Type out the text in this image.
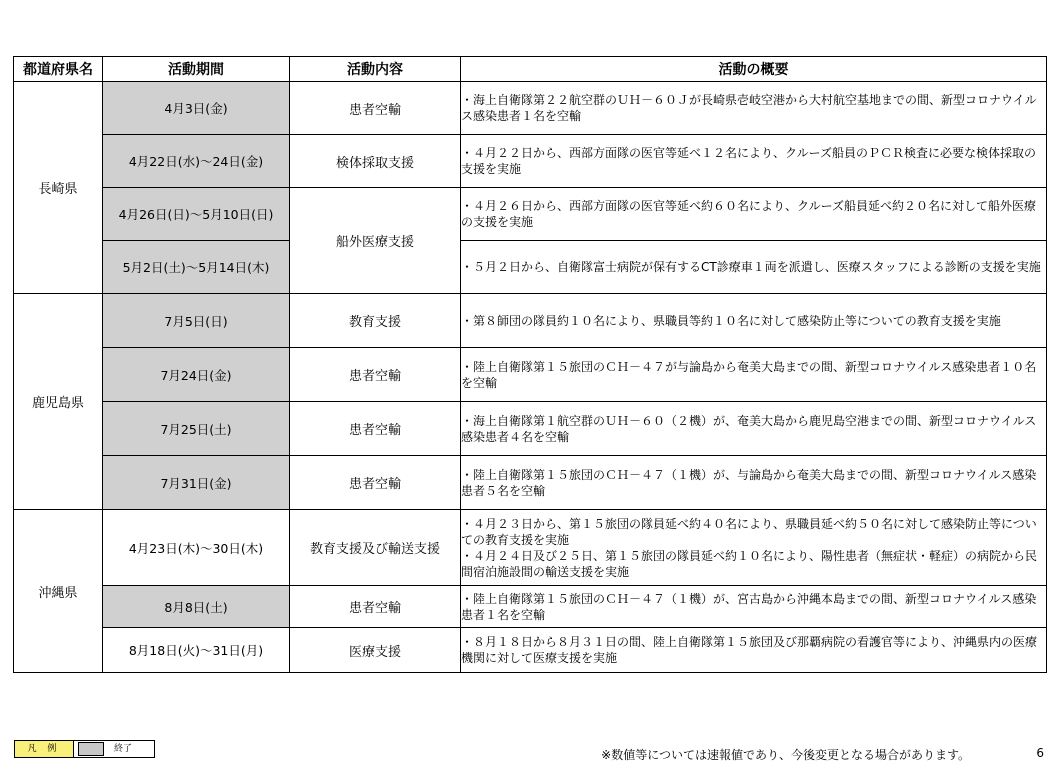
都道府県名	活動期間	活動内容	活動の概要
長崎県	4月3日(金)	患者空輸	・海上自衛隊第２２航空群のＵＨ－６０Ｊが長崎県壱岐空港から大村航空基地までの間、新型コロナウイルス感染患者１名を空輸
	4月22日(水)～24日(金)	検体採取支援	・４月２２日から、西部方面隊の医官等延べ１２名により、クルーズ船員のＰＣＲ検査に必要な検体採取の支援を実施
	4月26日(日)～5月10日(日)	船外医療支援	・４月２６日から、西部方面隊の医官等延べ約６０名により、クルーズ船員延べ約２０名に対して船外医療の支援を実施
	5月2日(土)～5月14日(木)		・５月２日から、自衛隊富士病院が保有するCT診療車１両を派遣し、医療スタッフによる診断の支援を実施
鹿児島県	7月5日(日)	教育支援	・第８師団の隊員約１０名により、県職員等約１０名に対して感染防止等についての教育支援を実施
	7月24日(金)	患者空輸	・陸上自衛隊第１５旅団のＣＨ－４７が与論島から奄美大島までの間、新型コロナウイルス感染患者１０名を空輸
	7月25日(土)	患者空輸	・海上自衛隊第１航空群のＵＨ－６０（２機）が、奄美大島から鹿児島空港までの間、新型コロナウイルス感染患者４名を空輸
	7月31日(金)	患者空輸	・陸上自衛隊第１５旅団のＣＨ－４７（１機）が、与論島から奄美大島までの間、新型コロナウイルス感染患者５名を空輸
沖縄県	4月23日(木)～30日(木)	教育支援及び輸送支援	・４月２３日から、第１５旅団の隊員延べ約４０名により、県職員延べ約５０名に対して感染防止等についての教育支援を実施
・４月２４日及び２５日、第１５旅団の隊員延べ約１０名により、陽性患者（無症状・軽症）の病院から民間宿泊施設間の輸送支援を実施
	8月8日(土)	患者空輸	・陸上自衛隊第１５旅団のＣＨ－４７（１機）が、宮古島から沖縄本島までの間、新型コロナウイルス感染患者１名を空輸
	8月18日(火)～31日(月)	医療支援	・８月１８日から８月３１日の間、陸上自衛隊第１５旅団及び那覇病院の看護官等により、沖縄県内の医療機関に対して医療支援を実施
凡 例	終了	※数値等については速報値であり、今後変更となる場合があります。	6
